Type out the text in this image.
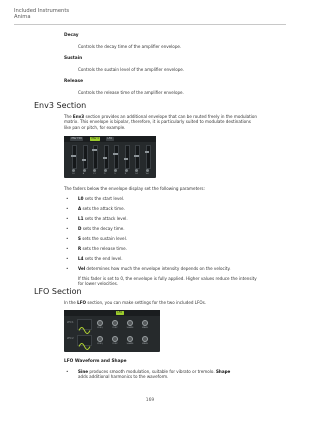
Included Instruments
Anima
Decay
Controls the decay time of the amplifier envelope.
Sustain
Controls the sustain level of the amplifier envelope.
Release
Controls the release time of the amplifier envelope.
Env3 Section
The Env3 section provides an additional envelope that can be routed freely in the modulation
matrix. This envelope is bipolar, therefore, it is particularly suited to modulate destinations
like pan or pitch, for example.
ENV FX8	ENV 3	LFO
L0	A	L1	D	S	R	L4	Vel
The faders below the envelope display set the following parameters:
• L0 sets the start level.
• A sets the attack time.
• L1 sets the attack level.
• D sets the decay time.
• S sets the sustain level.
• R sets the release time.
• L4 sets the end level.
• Vel determines how much the envelope intensity depends on the velocity.
If this fader is set to 0, the envelope is fully applied. Higher values reduce the intensity
for lower velocities.
LFO Section
In the LFO section, you can make settings for the two included LFOs.
LFO
LFO 1
LFO 2
FREQ	SYNC	SHAPE	WAVE
FREQ	SYNC	SHAPE	WAVE
LFO Waveform and Shape
• Sine produces smooth modulation, suitable for vibrato or tremolo. Shape
adds additional harmonics to the waveform.
169
